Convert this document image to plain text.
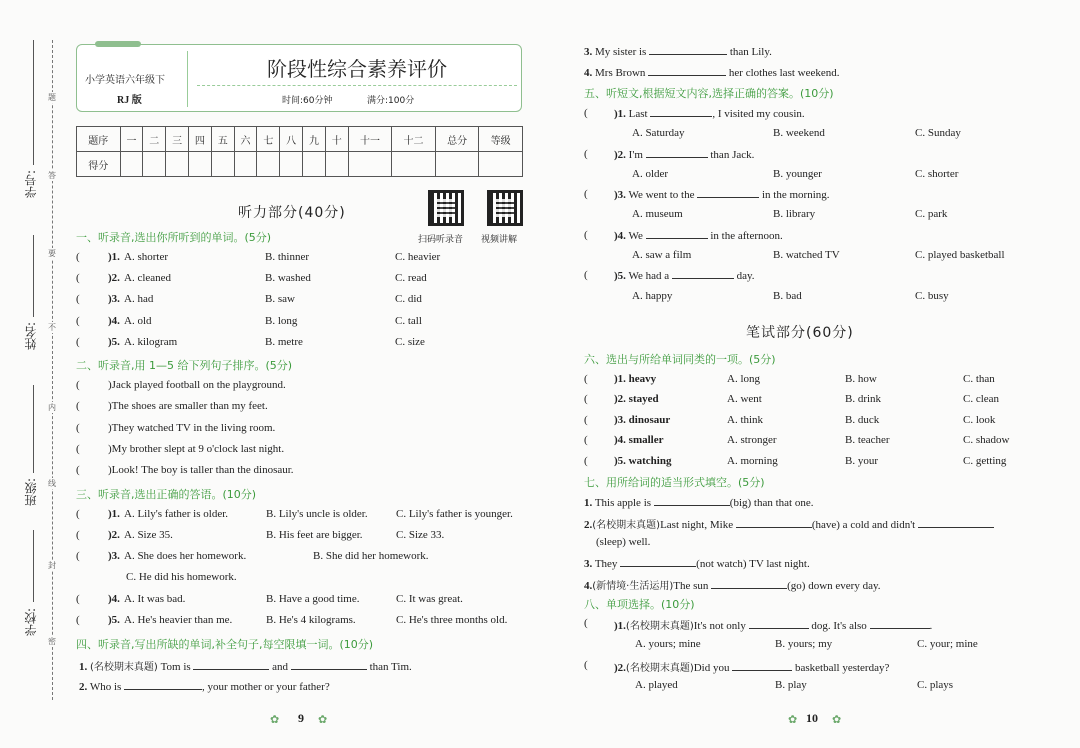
学号:
姓名:
班级:
学校:
题
答
要
不
内
线
封
密
小学英语六年级下
RJ 版
阶段性综合素养评价
时间:60分钟	满分:100分
题序	一	二	三	四	五	六	七	八	九	十	十一	十二	总分	等级
得分														
听力部分(40分)
扫码听录音 视频讲解
一、听录音,选出你所听到的单词。(5分)
(	)1. A. shorter	B. thinner	C. heavier
(	)2. A. cleaned	B. washed	C. read
(	)3. A. had	B. saw	C. did
(	)4. A. old	B. long	C. tall
(	)5. A. kilogram	B. metre	C. size
二、听录音,用 1—5 给下列句子排序。(5分)
(	)Jack played football on the playground.
(	)The shoes are smaller than my feet.
(	)They watched TV in the living room.
(	)My brother slept at 9 o'clock last night.
(	)Look! The boy is taller than the dinosaur.
三、听录音,选出正确的答语。(10分)
(	)1. A. Lily's father is older.	B. Lily's uncle is older.	C. Lily's father is younger.
(	)2. A. Size 35.	B. His feet are bigger.	C. Size 33.
(	)3. A. She does her homework.	B. She did her homework.
C. He did his homework.
(	)4. A. It was bad.	B. Have a good time.	C. It was great.
(	)5. A. He's heavier than me.	B. He's 4 kilograms.	C. He's three months old.
四、听录音,写出所缺的单词,补全句子,每空限填一词。(10分)
1. (名校期末真题) Tom is	and	than Tim.
2. Who is	, your mother or your father?
✿ 9 ✿
3. My sister is	than Lily.
4. Mrs Brown	her clothes last weekend.
五、听短文,根据短文内容,选择正确的答案。(10分)
( )1. Last	, I visited my cousin.
A. Saturday	B. weekend	C. Sunday
( )2. I'm	than Jack.
A. older	B. younger	C. shorter
( )3. We went to the	in the morning.
A. museum	B. library	C. park
( )4. We	in the afternoon.
A. saw a film	B. watched TV	C. played basketball
( )5. We had a	day.
A. happy	B. bad	C. busy
笔试部分(60分)
六、选出与所给单词同类的一项。(5分)
( )1. heavy	A. long	B. how	C. than
( )2. stayed	A. went	B. drink	C. clean
( )3. dinosaur	A. think	B. duck	C. look
( )4. smaller	A. stronger	B. teacher	C. shadow
( )5. watching	A. morning	B. your	C. getting
七、用所给词的适当形式填空。(5分)
1. This apple is	(big) than that one.
2.(名校期末真题)Last night, Mike	(have) a cold and didn't
(sleep) well.
3. They	(not watch) TV last night.
4.(新情境·生活运用)The sun	(go) down every day.
八、单项选择。(10分)
( )1.(名校期末真题)It's not only	dog. It's also	.
A. yours; mine	B. yours; my	C. your; mine
( )2.(名校期末真题)Did you	basketball yesterday?
A. played	B. play	C. plays
✿ 10 ✿
